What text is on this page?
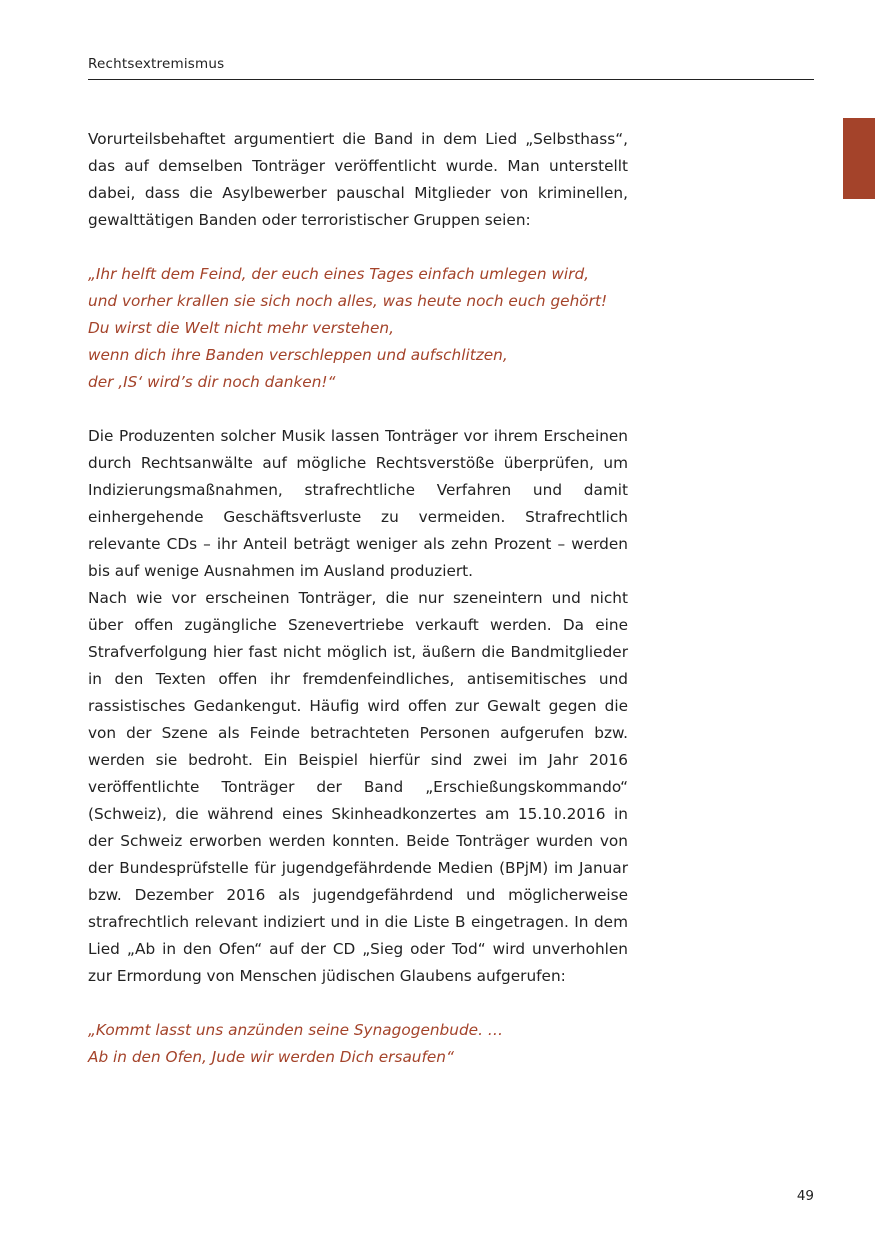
Rechtsextremismus

Vorurteilsbehaftet argumentiert die Band in dem Lied „Selbsthass“, das auf demselben Tonträger veröffentlicht wurde. Man unterstellt dabei, dass die Asylbewerber pauschal Mitglieder von kriminellen, gewalttätigen Banden oder terroristischer Gruppen seien:

„Ihr helft dem Feind, der euch eines Tages einfach umlegen wird,
und vorher krallen sie sich noch alles, was heute noch euch gehört!
Du wirst die Welt nicht mehr verstehen,
wenn dich ihre Banden verschleppen und aufschlitzen,
der ‚IS‘ wird’s dir noch danken!“

Die Produzenten solcher Musik lassen Tonträger vor ihrem Erscheinen durch Rechtsanwälte auf mögliche Rechtsverstöße überprüfen, um Indizierungsmaßnahmen, strafrechtliche Verfahren und damit einhergehende Geschäftsverluste zu vermeiden. Strafrechtlich relevante CDs – ihr Anteil beträgt weniger als zehn Prozent – werden bis auf wenige Ausnahmen im Ausland produziert.

Nach wie vor erscheinen Tonträger, die nur szeneintern und nicht über offen zugängliche Szenevertriebe verkauft werden. Da eine Strafverfolgung hier fast nicht möglich ist, äußern die Bandmitglieder in den Texten offen ihr fremdenfeindliches, antisemitisches und rassistisches Gedankengut. Häufig wird offen zur Gewalt gegen die von der Szene als Feinde betrachteten Personen aufgerufen bzw. werden sie bedroht. Ein Beispiel hierfür sind zwei im Jahr 2016 veröffentlichte Tonträger der Band „Erschießungskommando“ (Schweiz), die während eines Skinheadkonzertes am 15.10.2016 in der Schweiz erworben werden konnten. Beide Tonträger wurden von der Bundesprüfstelle für jugendgefährdende Medien (BPjM) im Januar bzw. Dezember 2016 als jugendgefährdend und möglicherweise strafrechtlich relevant indiziert und in die Liste B eingetragen. In dem Lied „Ab in den Ofen“ auf der CD „Sieg oder Tod“ wird unverhohlen zur Ermordung von Menschen jüdischen Glaubens aufgerufen:

„Kommt lasst uns anzünden seine Synagogenbude. …
Ab in den Ofen, Jude wir werden Dich ersaufen“

49
